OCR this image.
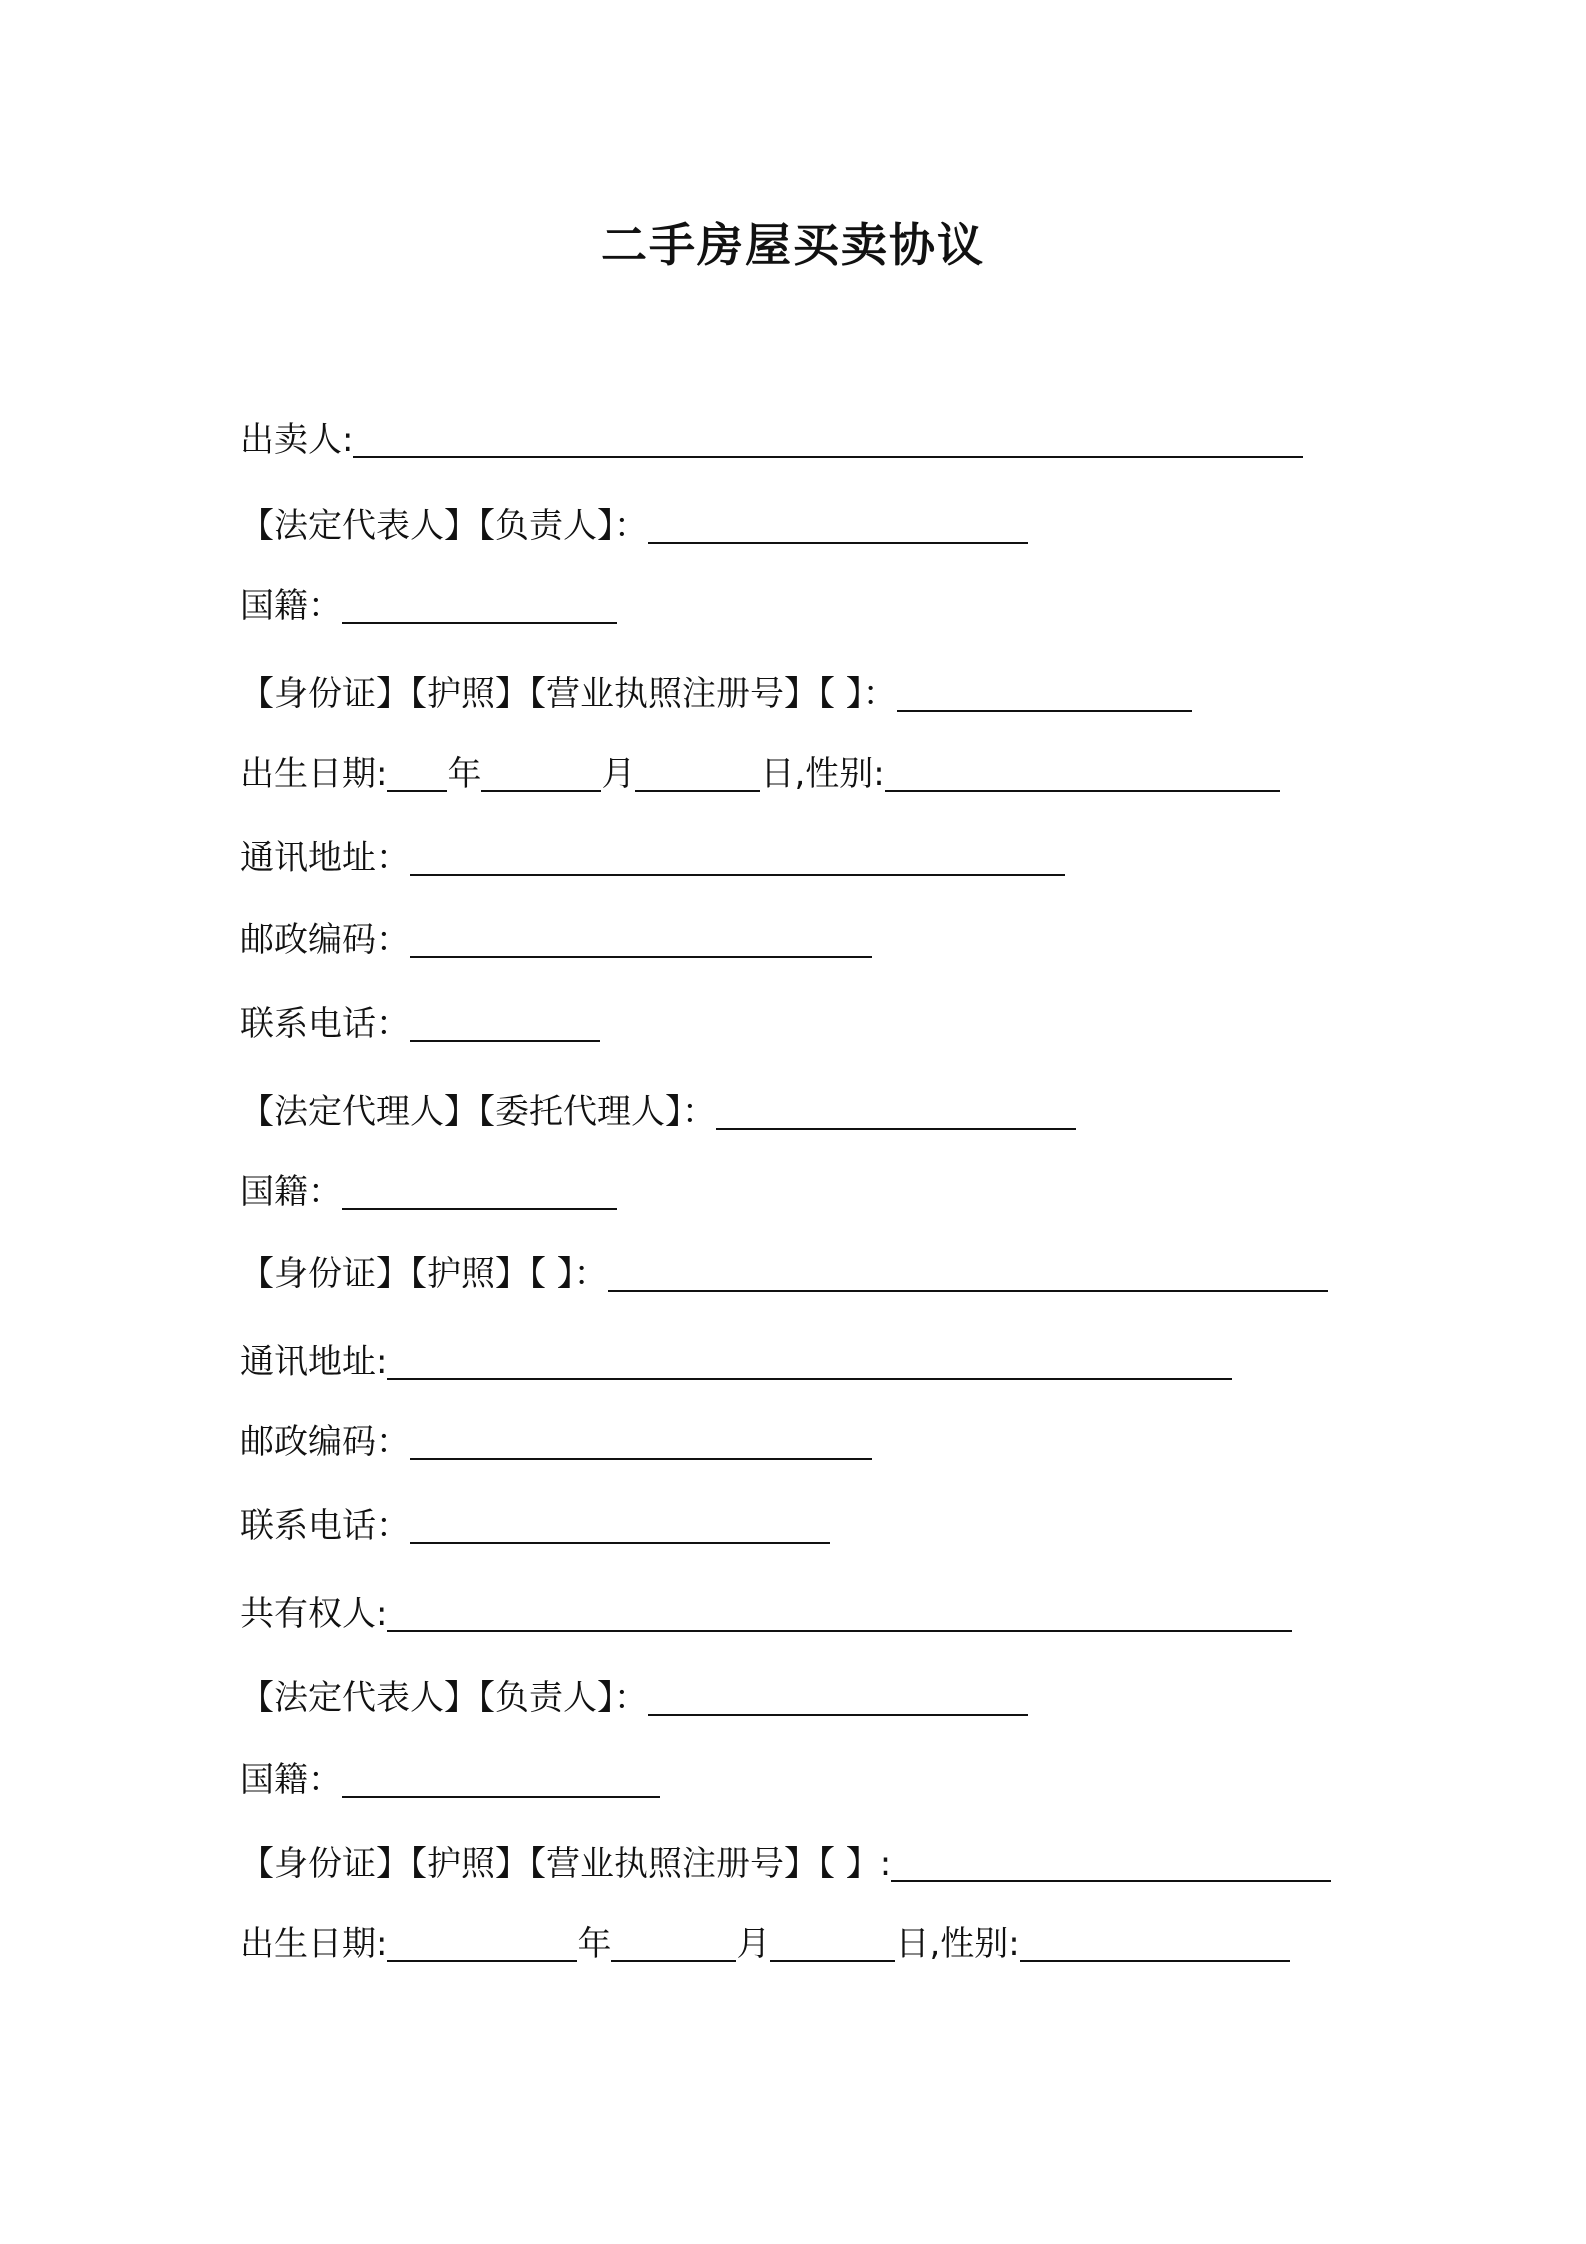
二手房屋买卖协议
出卖人:
【法定代表人】【负责人】：
国籍：
【身份证】【护照】【营业执照注册号】【 】：
出生日期: 年	月	日,性别:
通讯地址：
邮政编码：
联系电话：
【法定代理人】【委托代理人】：
国籍：
【身份证】【护照】【 】：
通讯地址:
邮政编码：
联系电话：
共有权人:
【法定代表人】【负责人】：
国籍：
【身份证】【护照】【营业执照注册号】【 】:
出生日期:	年	月	日,性别:
